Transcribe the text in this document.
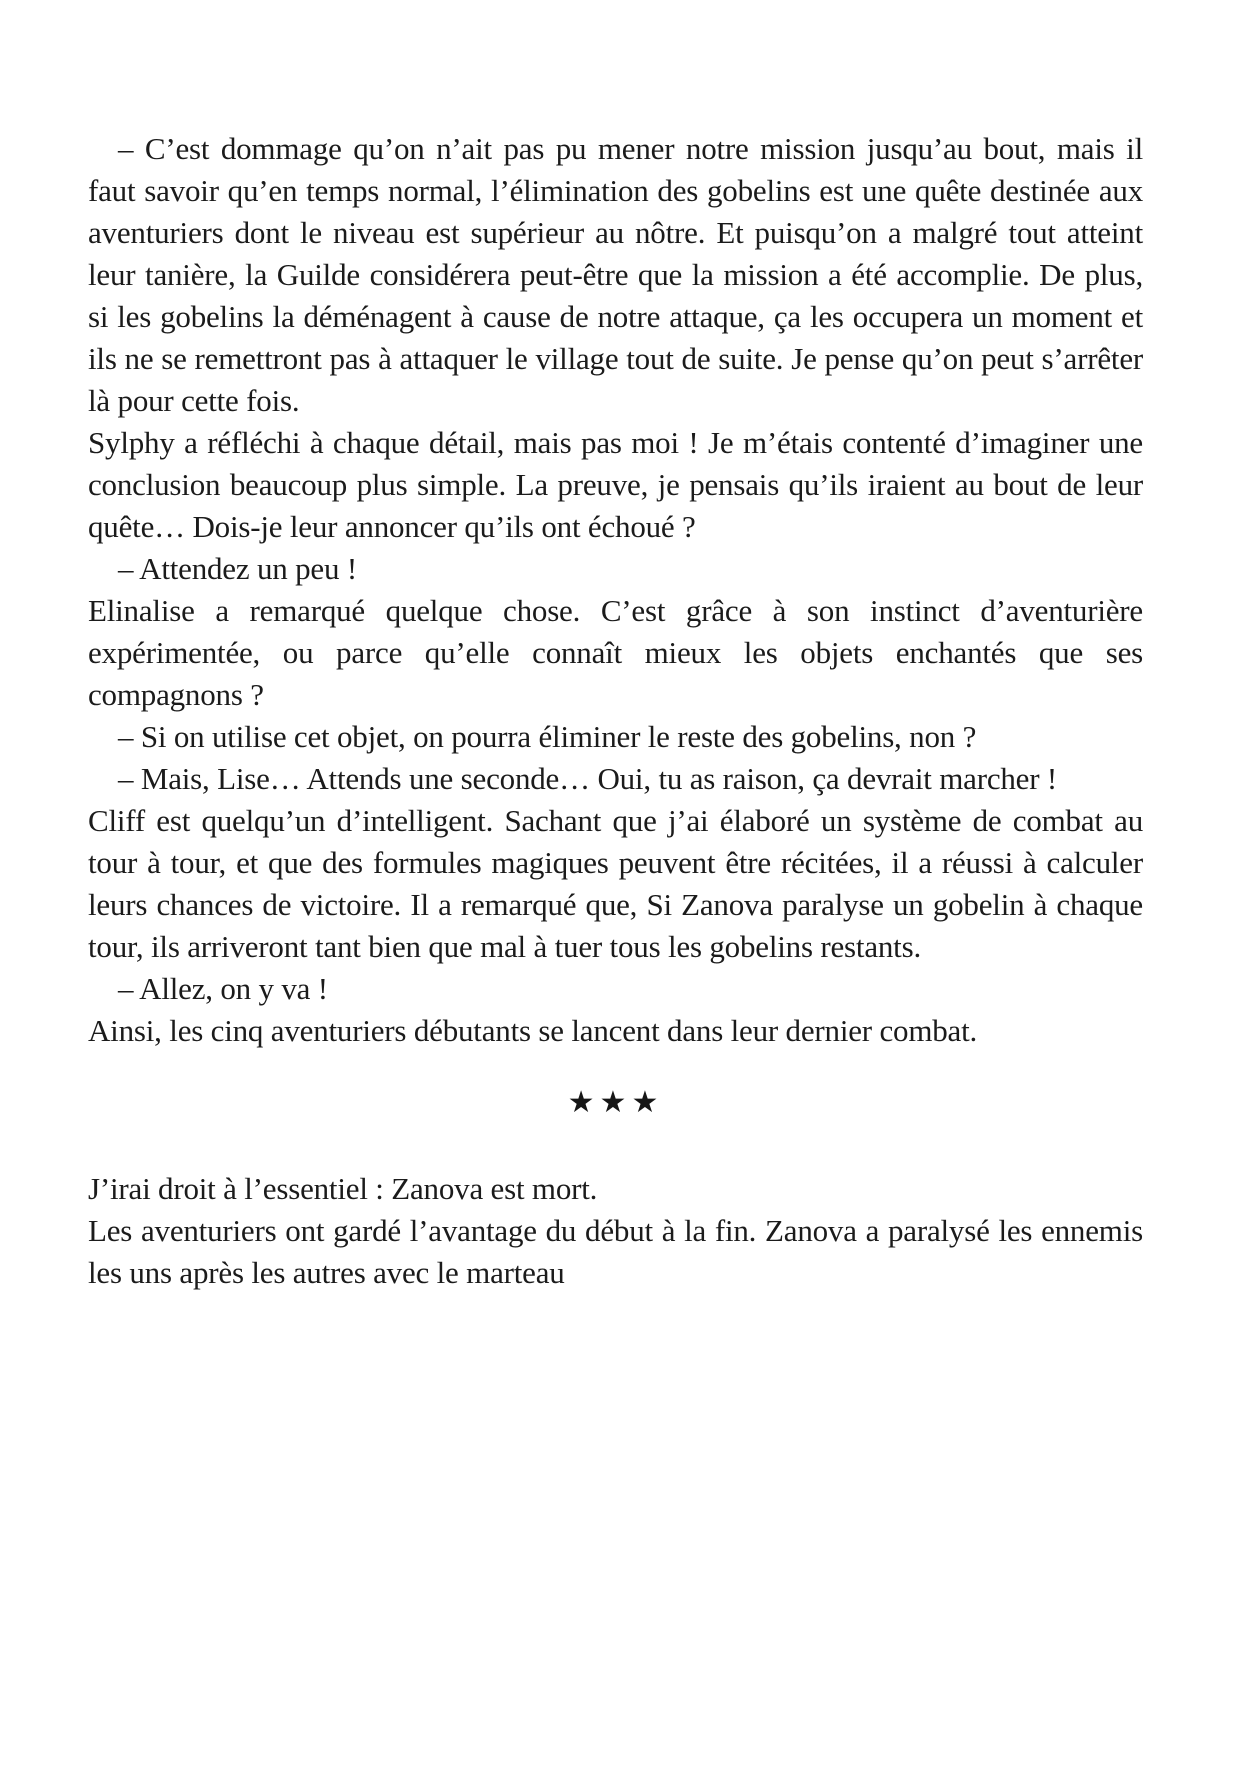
– C’est dommage qu’on n’ait pas pu mener notre mission jusqu’au bout, mais il faut savoir qu’en temps normal, l’élimination des gobelins est une quête destinée aux aventuriers dont le niveau est supérieur au nôtre. Et puisqu’on a malgré tout atteint leur tanière, la Guilde considérera peut-être que la mission a été accomplie. De plus, si les gobelins la déménagent à cause de notre attaque, ça les occupera un moment et ils ne se remettront pas à attaquer le village tout de suite. Je pense qu’on peut s’arrêter là pour cette fois.

Sylphy a réfléchi à chaque détail, mais pas moi ! Je m’étais contenté d’imaginer une conclusion beaucoup plus simple. La preuve, je pensais qu’ils iraient au bout de leur quête… Dois-je leur annoncer qu’ils ont échoué ?

– Attendez un peu !

Elinalise a remarqué quelque chose. C’est grâce à son instinct d’aventurière expérimentée, ou parce qu’elle connaît mieux les objets enchantés que ses compagnons ?

– Si on utilise cet objet, on pourra éliminer le reste des gobelins, non ?

– Mais, Lise… Attends une seconde… Oui, tu as raison, ça devrait marcher !

Cliff est quelqu’un d’intelligent. Sachant que j’ai élaboré un système de combat au tour à tour, et que des formules magiques peuvent être récitées, il a réussi à calculer leurs chances de victoire. Il a remarqué que, Si Zanova paralyse un gobelin à chaque tour, ils arriveront tant bien que mal à tuer tous les gobelins restants.

– Allez, on y va !

Ainsi, les cinq aventuriers débutants se lancent dans leur dernier combat.

★★★

J’irai droit à l’essentiel : Zanova est mort.

Les aventuriers ont gardé l’avantage du début à la fin. Zanova a paralysé les ennemis les uns après les autres avec le marteau
